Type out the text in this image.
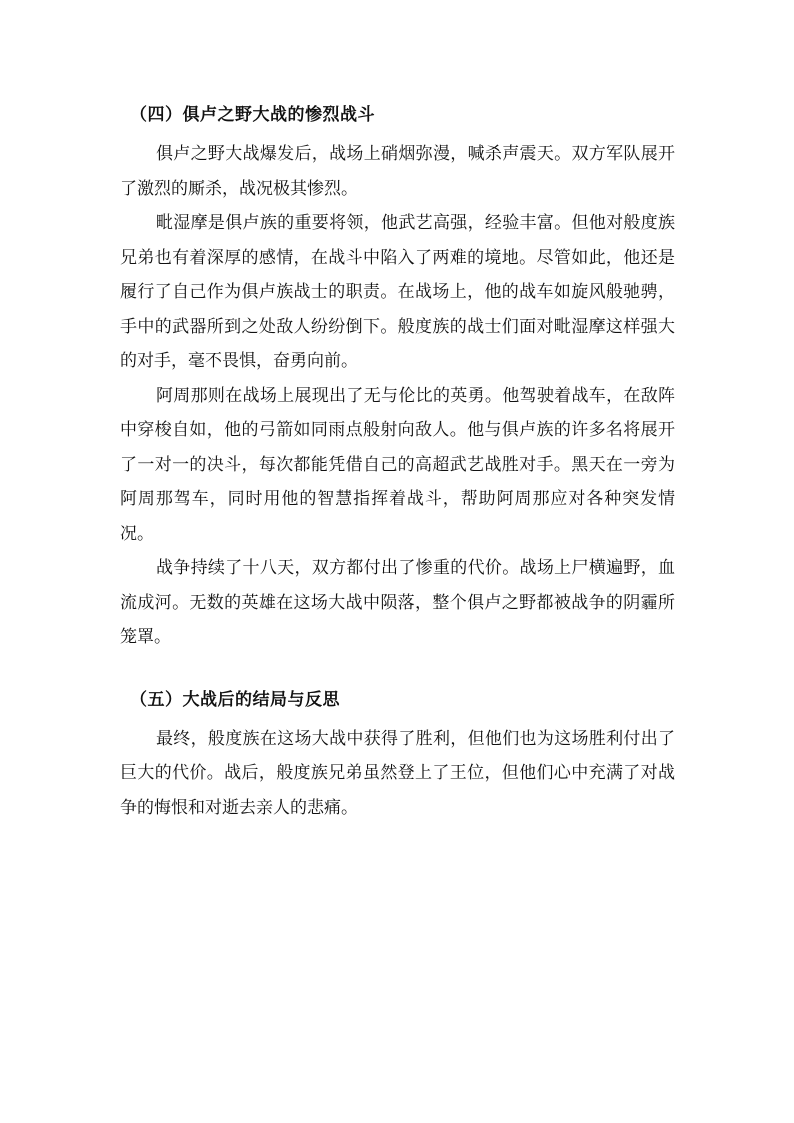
（四）俱卢之野大战的惨烈战斗

俱卢之野大战爆发后，战场上硝烟弥漫，喊杀声震天。双方军队展开了激烈的厮杀，战况极其惨烈。

毗湿摩是俱卢族的重要将领，他武艺高强，经验丰富。但他对般度族兄弟也有着深厚的感情，在战斗中陷入了两难的境地。尽管如此，他还是履行了自己作为俱卢族战士的职责。在战场上，他的战车如旋风般驰骋，手中的武器所到之处敌人纷纷倒下。般度族的战士们面对毗湿摩这样强大的对手，毫不畏惧，奋勇向前。

阿周那则在战场上展现出了无与伦比的英勇。他驾驶着战车，在敌阵中穿梭自如，他的弓箭如同雨点般射向敌人。他与俱卢族的许多名将展开了一对一的决斗，每次都能凭借自己的高超武艺战胜对手。黑天在一旁为阿周那驾车，同时用他的智慧指挥着战斗，帮助阿周那应对各种突发情况。

战争持续了十八天，双方都付出了惨重的代价。战场上尸横遍野，血流成河。无数的英雄在这场大战中陨落，整个俱卢之野都被战争的阴霾所笼罩。

（五）大战后的结局与反思

最终，般度族在这场大战中获得了胜利，但他们也为这场胜利付出了巨大的代价。战后，般度族兄弟虽然登上了王位，但他们心中充满了对战争的悔恨和对逝去亲人的悲痛。
